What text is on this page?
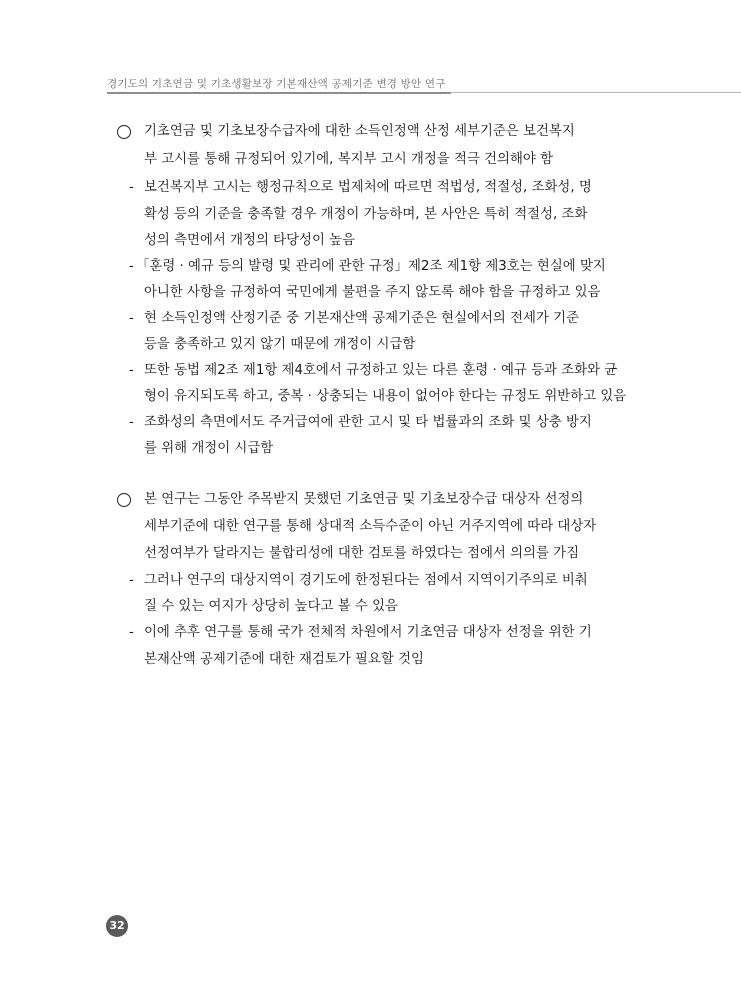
경기도의 기초연금 및 기초생활보장 기본재산액 공제기준 변경 방안 연구
기초연금 및 기초보장수급자에 대한 소득인정액 산정 세부기준은 보건복지
부 고시를 통해 규정되어 있기에, 복지부 고시 개정을 적극 건의해야 함
- 보건복지부 고시는 행정규칙으로 법제처에 따르면 적법성, 적절성, 조화성, 명
확성 등의 기준을 충족할 경우 개정이 가능하며, 본 사안은 특히 적절성, 조화
성의 측면에서 개정의 타당성이 높음
- 「훈령 · 예규 등의 발령 및 관리에 관한 규정」제2조 제1항 제3호는 현실에 맞지
아니한 사항을 규정하여 국민에게 불편을 주지 않도록 해야 함을 규정하고 있음
- 현 소득인정액 산정기준 중 기본재산액 공제기준은 현실에서의 전세가 기준
등을 충족하고 있지 않기 때문에 개정이 시급함
- 또한 동법 제2조 제1항 제4호에서 규정하고 있는 다른 훈령 · 예규 등과 조화와 균
형이 유지되도록 하고, 중복 · 상충되는 내용이 없어야 한다는 규정도 위반하고 있음
- 조화성의 측면에서도 주거급여에 관한 고시 및 타 법률과의 조화 및 상충 방지
를 위해 개정이 시급함
본 연구는 그동안 주목받지 못했던 기초연금 및 기초보장수급 대상자 선정의
세부기준에 대한 연구를 통해 상대적 소득수준이 아닌 거주지역에 따라 대상자
선정여부가 달라지는 불합리성에 대한 검토를 하였다는 점에서 의의를 가짐
- 그러나 연구의 대상지역이 경기도에 한정된다는 점에서 지역이기주의로 비춰
질 수 있는 여지가 상당히 높다고 볼 수 있음
- 이에 추후 연구를 통해 국가 전체적 차원에서 기초연금 대상자 선정을 위한 기
본재산액 공제기준에 대한 재검토가 필요할 것임
32
